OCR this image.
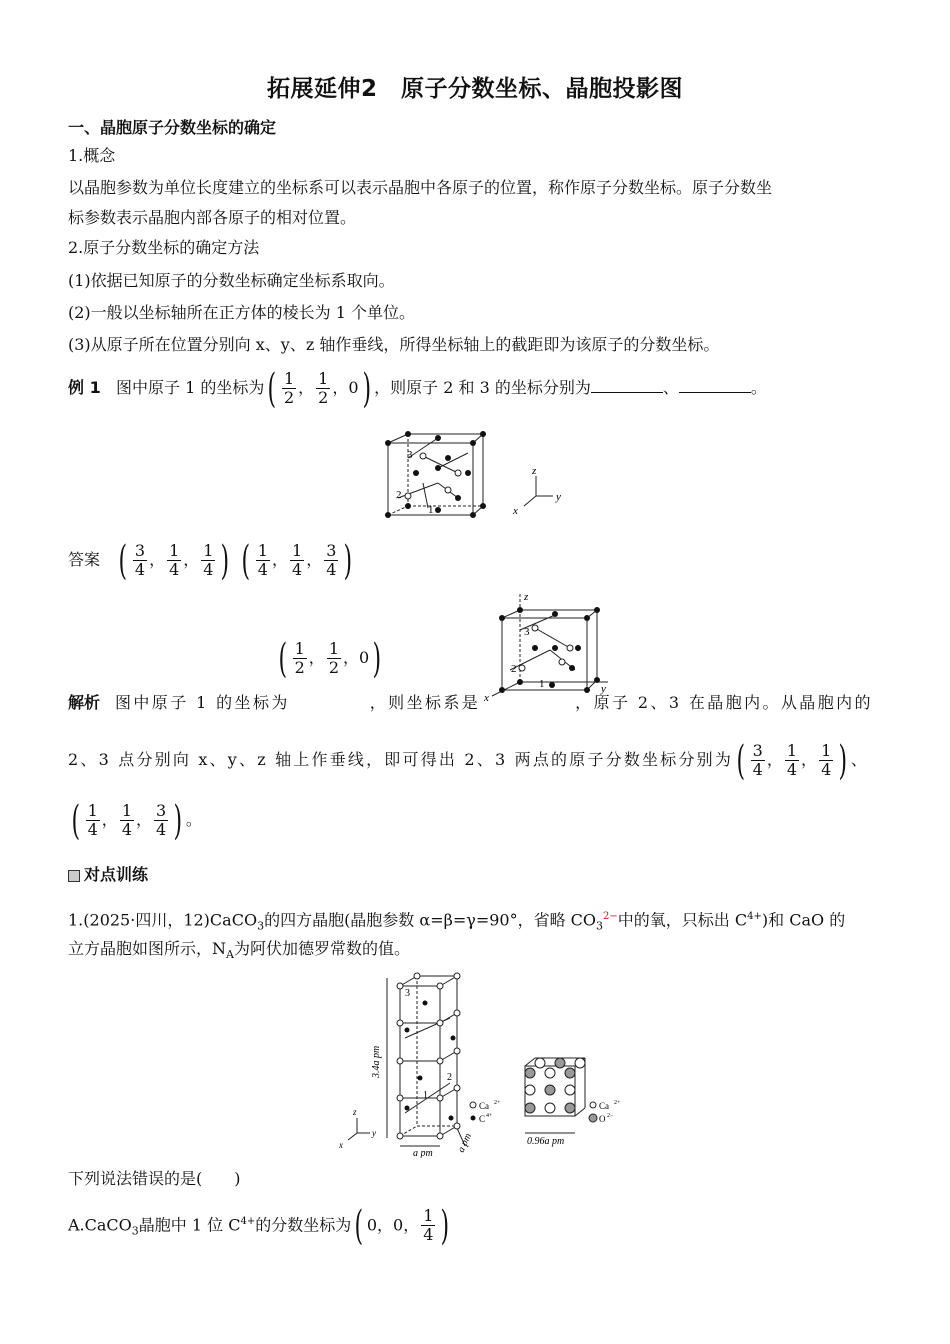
拓展延伸2　原子分数坐标、晶胞投影图
一、晶胞原子分数坐标的确定
1.概念
以晶胞参数为单位长度建立的坐标系可以表示晶胞中各原子的位置，称作原子分数坐标。原子分数坐
标参数表示晶胞内部各原子的相对位置。
2.原子分数坐标的确定方法
(1)依据已知原子的分数坐标确定坐标系取向。
(2)一般以坐标轴所在正方体的棱长为 1 个单位。
(3)从原子所在位置分别向 x、y、z 轴作垂线，所得坐标轴上的截距即为该原子的分数坐标。
例 1 图中原子 1 的坐标为( $\frac{1}{2}$ ， $\frac{1}{2}$ ，0) ，则原子 2 和 3 的坐标分别为	、	。
3
2
1
z
y
x
答案 ( $\frac{3}{4}$ ， $\frac{1}{4}$ ， $\frac{1}{4}$ ) ( $\frac{1}{4}$ ， $\frac{1}{4}$ ， $\frac{3}{4}$ )
( $\frac{1}{2}$ ， $\frac{1}{2}$ ，0)
z
y
x
3
2
1
解析 图中原子 1 的坐标为	，则坐标系是	，原子 2、3 在晶胞内。从晶胞内的
2、3 点分别向 x、y、z 轴上作垂线，即可得出 2、3 两点的原子分数坐标分别为( $\frac{3}{4}$ ， $\frac{1}{4}$ ， $\frac{1}{4}$ ) 、
( $\frac{1}{4}$ ， $\frac{1}{4}$ ， $\frac{3}{4}$ ) 。
对点训练
1.(2025·四川，12)CaCO$_3$的四方晶胞(晶胞参数 α=β=γ=90°，省略 $CO_3^{2-}$中的氧，只标出 $C^{4+}$)和 CaO 的
立方晶胞如图所示，$N_A$为阿伏加德罗常数的值。
3
2
1
3.4a pm
a pm a pm	0.96a pm
z
y
x
Ca 2+
C 4+
Ca 2+
O 2−
下列说法错误的是(　　)
A.CaCO$_3$晶胞中 1 位 $C^{4+}$的分数坐标为( 0，0， $\frac{1}{4}$ )
